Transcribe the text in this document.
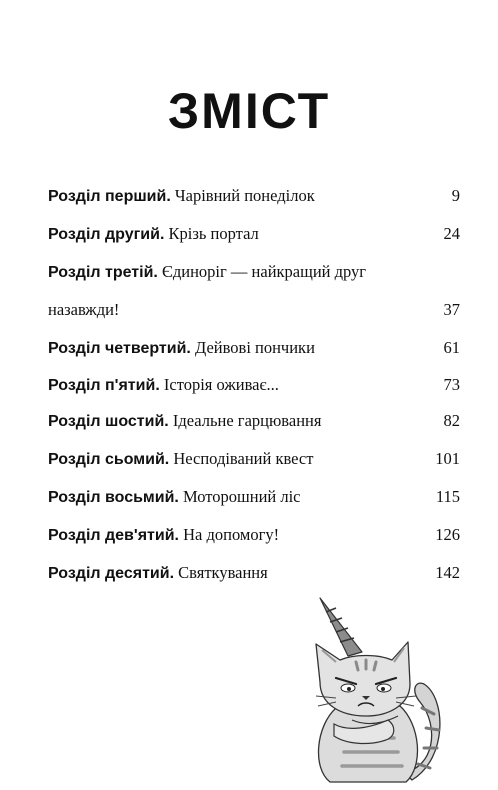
ЗМІСТ
Розділ перший. Чарівний понеділок	9
Розділ другий. Крізь портал	24
Розділ третій. Єдиноріг — найкращий друг
назавжди!	37
Розділ четвертий. Дейвові пончики	61
Розділ п'ятий. Історія оживає...	73
Розділ шостий. Ідеальне гарцювання	82
Розділ сьомий. Несподіваний квест	101
Розділ восьмий. Моторошний ліс	115
Розділ дев'ятий. На допомогу!	126
Розділ десятий. Святкування	142
